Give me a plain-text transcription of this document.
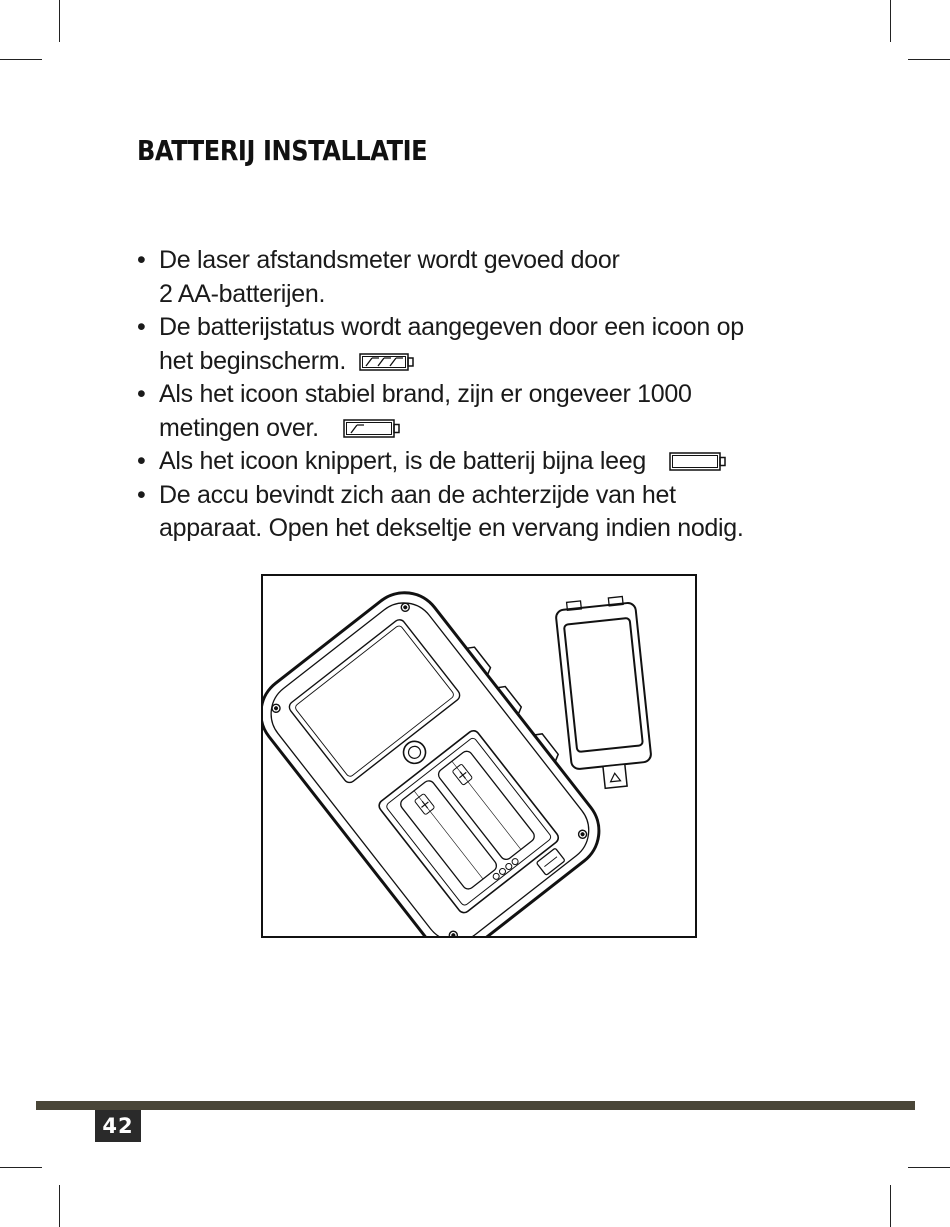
BATTERIJ INSTALLATIE
• De laser afstandsmeter wordt gevoed door
2 AA-batterijen.
• De batterijstatus wordt aangegeven door een icoon op
het beginscherm.
• Als het icoon stabiel brand, zijn er ongeveer 1000
metingen over.
• Als het icoon knippert, is de batterij bijna leeg
• De accu bevindt zich aan de achterzijde van het
apparaat. Open het dekseltje en vervang indien nodig.
+
+
42
